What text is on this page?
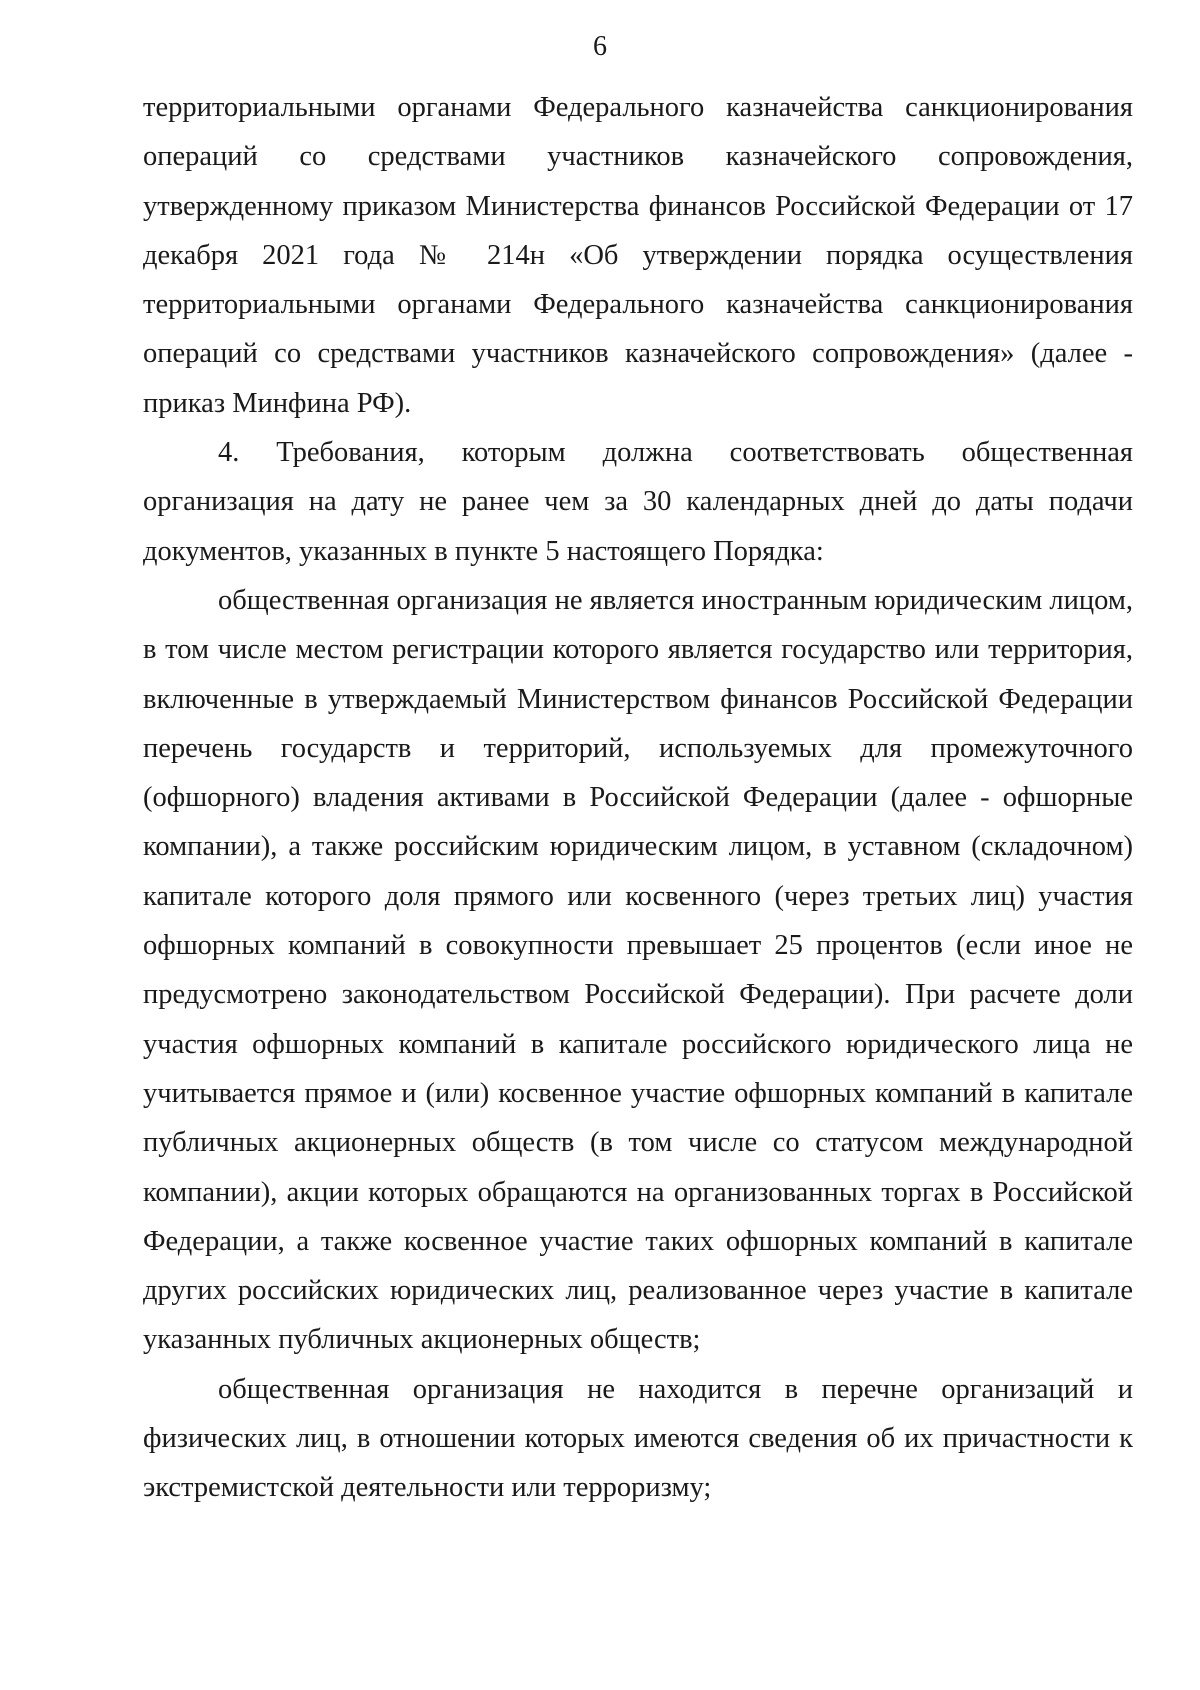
6

территориальными органами Федерального казначейства санкционирования операций со средствами участников казначейского сопровождения, утвержденному приказом Министерства финансов Российской Федерации от 17 декабря 2021 года № 214н «Об утверждении порядка осуществления территориальными органами Федерального казначейства санкционирования операций со средствами участников казначейского сопровождения» (далее - приказ Минфина РФ).

4. Требования, которым должна соответствовать общественная организация на дату не ранее чем за 30 календарных дней до даты подачи документов, указанных в пункте 5 настоящего Порядка:

общественная организация не является иностранным юридическим лицом, в том числе местом регистрации которого является государство или территория, включенные в утверждаемый Министерством финансов Российской Федерации перечень государств и территорий, используемых для промежуточного (офшорного) владения активами в Российской Федерации (далее - офшорные компании), а также российским юридическим лицом, в уставном (складочном) капитале которого доля прямого или косвенного (через третьих лиц) участия офшорных компаний в совокупности превышает 25 процентов (если иное не предусмотрено законодательством Российской Федерации). При расчете доли участия офшорных компаний в капитале российского юридического лица не учитывается прямое и (или) косвенное участие офшорных компаний в капитале публичных акционерных обществ (в том числе со статусом международной компании), акции которых обращаются на организованных торгах в Российской Федерации, а также косвенное участие таких офшорных компаний в капитале других российских юридических лиц, реализованное через участие в капитале указанных публичных акционерных обществ;

общественная организация не находится в перечне организаций и физических лиц, в отношении которых имеются сведения об их причастности к экстремистской деятельности или терроризму;
